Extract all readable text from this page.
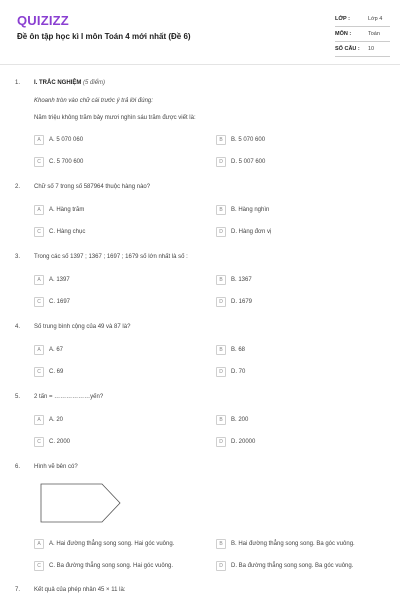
QUIZIZZ
Đề ôn tập học kì I môn Toán 4 mới nhất (Đề 6)
LỚP :	Lớp 4
MÔN :	Toán
SỐ CÂU : 10
1. I. TRẮC NGHIỆM (5 điểm)
Khoanh tròn vào chữ cái trước ý trả lời đúng:
Năm triệu không trăm bảy mươi nghìn sáu trăm được viết là:
A	A. 5 070 060	B	B. 5 070 600
C	C. 5 700 600	D	D. 5 007 600
2. Chữ số 7 trong số 587964 thuộc hàng nào?
A	A. Hàng trăm	B	B. Hàng nghìn
C	C. Hàng chục	D	D. Hàng đơn vị
3. Trong các số 1397 ; 1367 ; 1697 ; 1679 số lớn nhất là số :
A	A. 1397	B	B. 1367
C	C. 1697	D	D. 1679
4. Số trung bình cộng của 49 và 87 là?
A	A. 67	B	B. 68
C	C. 69	D	D. 70
5. 2 tấn = ………………yến?
A	A. 20	B	B. 200
C	C. 2000	D	D. 20000
6. Hình vẽ bên có?
A	A. Hai đường thẳng song song. Hai góc vuông.	B	B. Hai đường thẳng song song. Ba góc vuông.
C	C. Ba đường thẳng song song. Hai góc vuông.	D	D. Ba đường thẳng song song. Ba góc vuông.
7. Kết quả của phép nhân 45 × 11 là:
